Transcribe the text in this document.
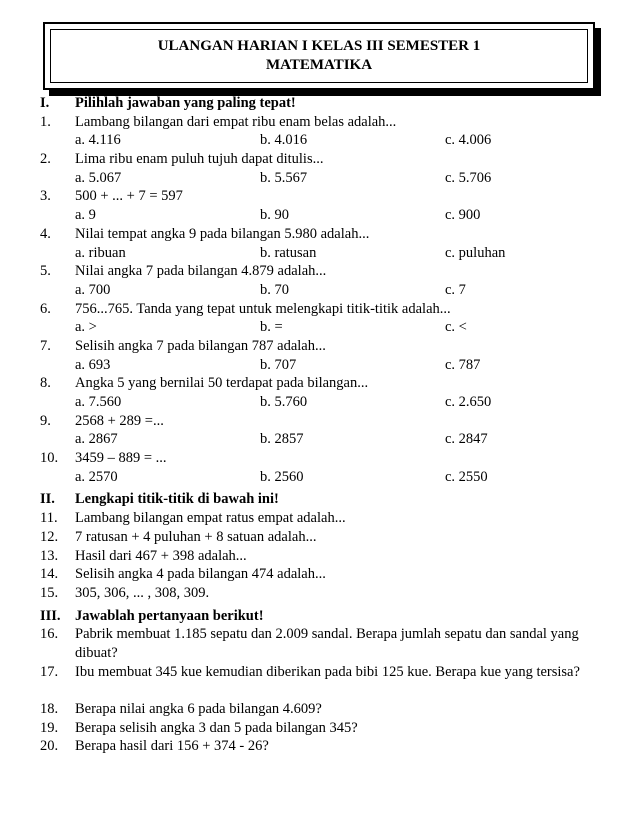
ULANGAN HARIAN I KELAS III SEMESTER 1
MATEMATIKA
I.	Pilihlah jawaban yang paling tepat!
1.	Lambang bilangan dari empat ribu enam belas adalah...
a. 4.116	b. 4.016	c. 4.006
2.	Lima ribu enam puluh tujuh dapat ditulis...
a. 5.067	b. 5.567	c. 5.706
3.	500 + ... + 7 = 597
a. 9	b. 90	c. 900
4.	Nilai tempat angka 9 pada bilangan 5.980 adalah...
a. ribuan	b. ratusan	c. puluhan
5.	Nilai angka 7 pada bilangan 4.879 adalah...
a. 700	b. 70	c. 7
6.	756...765. Tanda yang tepat untuk melengkapi titik-titik adalah...
a. >	b. =	c. <
7.	Selisih angka 7 pada bilangan 787 adalah...
a. 693	b. 707	c. 787
8.	Angka 5 yang bernilai 50 terdapat pada bilangan...
a. 7.560	b. 5.760	c. 2.650
9.	2568 + 289 =...
a. 2867	b. 2857	c. 2847
10.	3459 – 889 = ...
a. 2570	b. 2560	c. 2550
II.	Lengkapi titik-titik di bawah ini!
11.	Lambang bilangan empat ratus empat adalah...
12.	7 ratusan + 4 puluhan + 8 satuan adalah...
13.	Hasil dari 467 + 398 adalah...
14.	Selisih angka 4 pada bilangan 474 adalah...
15.	305, 306, ... , 308, 309.
III. Jawablah pertanyaan berikut!
16.	Pabrik membuat 1.185 sepatu dan 2.009 sandal. Berapa jumlah sepatu dan sandal yang dibuat?
17.	Ibu membuat 345 kue kemudian diberikan pada bibi 125 kue. Berapa kue yang tersisa?
18.	Berapa nilai angka 6 pada bilangan 4.609?
19.	Berapa selisih angka 3 dan 5 pada bilangan 345?
20.	Berapa hasil dari 156 + 374 - 26?
